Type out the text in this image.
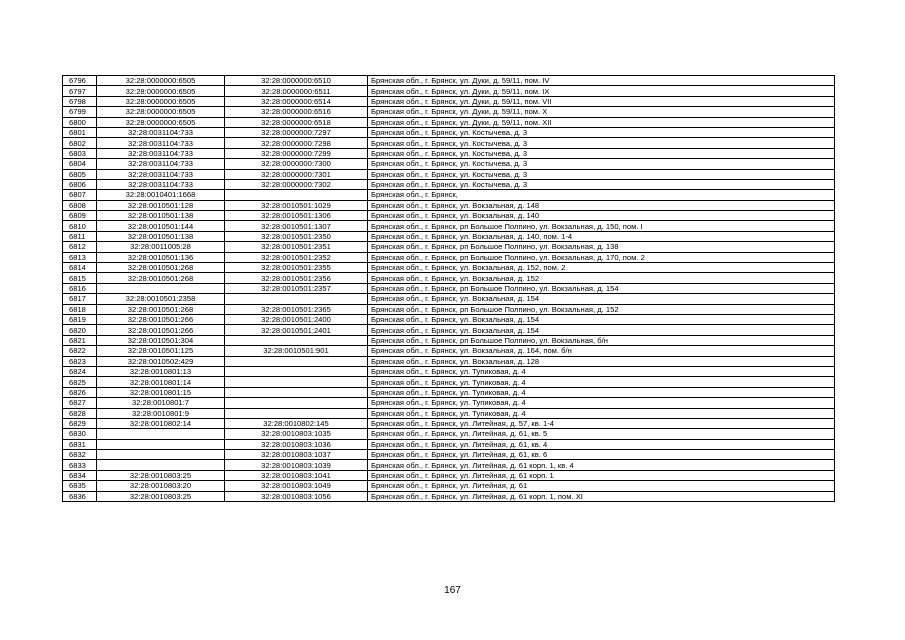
6796	32:28:0000000:6505	32:28:0000000:6510	Брянская обл., г. Брянск, ул. Дуки, д. 59/11, пом. IV
6797	32:28:0000000:6505	32:28:0000000:6511	Брянская обл., г. Брянск, ул. Дуки, д. 59/11, пом. IX
6798	32:28:0000000:6505	32:28:0000000:6514	Брянская обл., г. Брянск, ул. Дуки, д. 59/11, пом. VII
6799	32:28:0000000:6505	32:28:0000000:6516	Брянская обл., г. Брянск, ул. Дуки, д. 59/11, пом. X
6800	32:28:0000000:6505	32:28:0000000:6518	Брянская обл., г. Брянск, ул. Дуки, д. 59/11, пом. XII
6801	32:28:0031104:733	32:28:0000000:7297	Брянская обл., г. Брянск, ул. Костычева, д. 3
6802	32:28:0031104:733	32:28:0000000:7298	Брянская обл., г. Брянск, ул. Костычева, д. 3
6803	32:28:0031104:733	32:28:0000000:7299	Брянская обл., г. Брянск, ул. Костычева, д. 3
6804	32:28:0031104:733	32:28:0000000:7300	Брянская обл., г. Брянск, ул. Костычева, д. 3
6805	32:28:0031104:733	32:28:0000000:7301	Брянская обл., г. Брянск, ул. Костычева, д. 3
6806	32:28:0031104:733	32:28:0000000:7302	Брянская обл., г. Брянск, ул. Костычева, д. 3
6807	32:28:0010401:1668		Брянская обл., г. Брянск,
6808	32:28:0010501:128	32:28:0010501:1029	Брянская обл., г. Брянск, ул. Вокзальная, д. 148
6809	32:28:0010501:138	32:28:0010501:1306	Брянская обл., г. Брянск, ул. Вокзальная, д. 140
6810	32:28:0010501:144	32:28:0010501:1307	Брянская обл., г. Брянск, рп Большое Полпино, ул. Вокзальная, д. 150, пом. I
6811	32:28:0010501:138	32:28:0010501:2350	Брянская обл., г. Брянск, ул. Вокзальная, д. 140, пом. 1-4
6812	32:28:0011005:28	32:28:0010501:2351	Брянская обл., г. Брянск, рп Большое Полпино, ул. Вокзальная, д. 138
6813	32:28:0010501:136	32:28:0010501:2352	Брянская обл., г. Брянск, рп Большое Полпино, ул. Вокзальная, д. 170, пом. 2
6814	32:28:0010501:268	32:28:0010501:2355	Брянская обл., г. Брянск, ул. Вокзальная, д. 152, пом. 2
6815	32:28:0010501:268	32:28:0010501:2356	Брянская обл., г. Брянск, ул. Вокзальная, д. 152
6816		32:28:0010501:2357	Брянская обл., г. Брянск, рп Большое Полпино, ул. Вокзальная, д. 154
6817	32:28:0010501:2358		Брянская обл., г. Брянск, ул. Вокзальная, д. 154
6818	32:28:0010501:268	32:28:0010501:2365	Брянская обл., г. Брянск, рп Большое Полпино, ул. Вокзальная, д. 152
6819	32:28:0010501:266	32:28:0010501:2400	Брянская обл., г. Брянск, ул. Вокзальная, д. 154
6820	32:28:0010501:266	32:28:0010501:2401	Брянская обл., г. Брянск, ул. Вокзальная, д. 154
6821	32:28:0010501:304		Брянская обл., г. Брянск, рп Большое Полпино, ул. Вокзальная, б/н
6822	32:28:0010501:125	32:28:0010501:901	Брянская обл., г. Брянск, ул. Вокзальная, д. 164, пом. б/н
6823	32:28:0010502:429		Брянская обл., г. Брянск, ул. Вокзальная, д. 128
6824	32:28:0010801:13		Брянская обл., г. Брянск, ул. Тупиковая, д. 4
6825	32:28:0010801:14		Брянская обл., г. Брянск, ул. Тупиковая, д. 4
6826	32:28:0010801:15		Брянская обл., г. Брянск, ул. Тупиковая, д. 4
6827	32:28:0010801:7		Брянская обл., г. Брянск, ул. Тупиковая, д. 4
6828	32:28:0010801:9		Брянская обл., г. Брянск, ул. Тупиковая, д. 4
6829	32:28:0010802:14	32:28:0010802:145	Брянская обл., г. Брянск, ул. Литейная, д. 57, кв. 1-4
6830		32:28:0010803:1035	Брянская обл., г. Брянск, ул. Литейная, д. 61, кв. 5
6831		32:28:0010803:1036	Брянская обл., г. Брянск, ул. Литейная, д. 61, кв. 4
6832		32:28:0010803:1037	Брянская обл., г. Брянск, ул. Литейная, д. 61, кв. 6
6833		32:28:0010803:1039	Брянская обл., г. Брянск, ул. Литейная, д. 61 корп. 1, кв. 4
6834	32:28:0010803:25	32:28:0010803:1041	Брянская обл., г. Брянск, ул. Литейная, д. 61 корп. 1
6835	32:28:0010803:20	32:28:0010803:1049	Брянская обл., г. Брянск, ул. Литейная, д. 61
6836	32:28:0010803:25	32:28:0010803:1056	Брянская обл., г. Брянск, ул. Литейная, д. 61 корп. 1, пом. XI
167
